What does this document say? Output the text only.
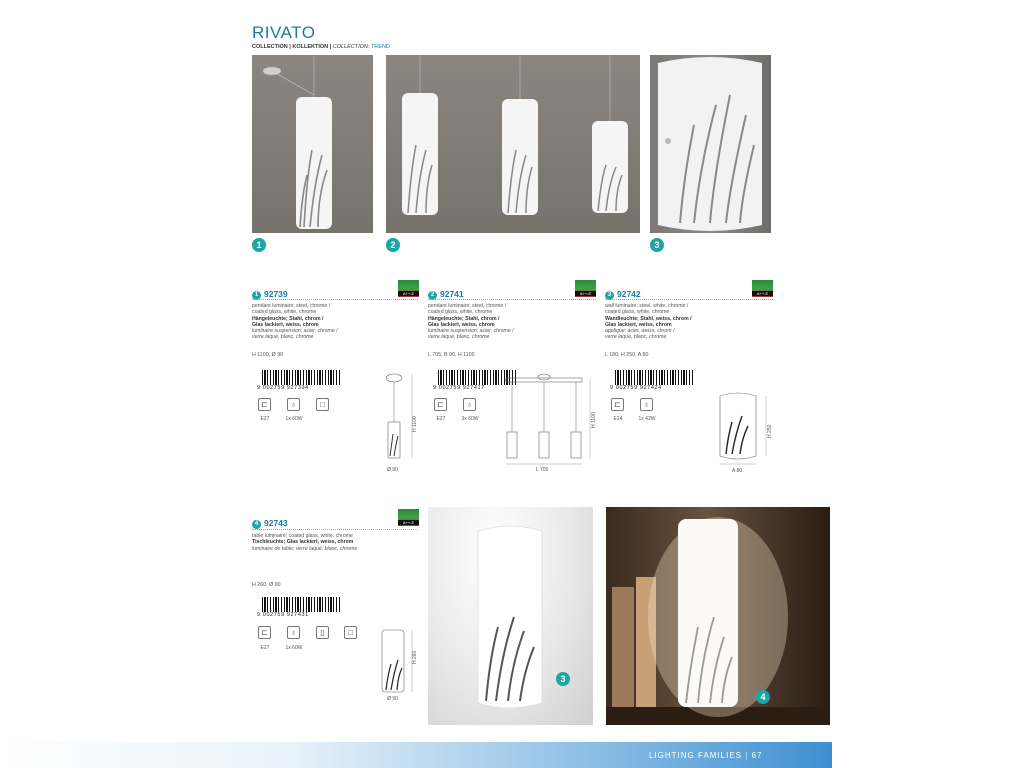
RIVATO
COLLECTION | KOLLEKTION | COLLECTION: TREND
1	2	3
1 92739	A++-E
pendant luminaire; steel, chrome /
coated glass, white, chrome
Hängeleuchte; Stahl, chrom /
Glas lackiert, weiss, chrom
luminaire suspension; acier, chrome /
verre laqué, blanc, chrome
H 1100, Ø 90
9 002759 927394
⊏	♁	□
E27	1x 60W	H 1100
Ø 90
2 92741	A++-E
pendant luminaire; steel, chrome /
coated glass, white, chrome
Hängeleuchte; Stahl, chrom /
Glas lackiert, weiss, chrom
luminaire suspension; acier, chrome /
verre laqué, blanc, chrome
L 705, B 90, H 1100
9 002759 927417
⊏	♁
E27	3x 60W	H 1100
L 705
3 92742	A++-E
wall luminaire; steel, white, chrome /
coated glass, white, chrome
Wandleuchte; Stahl, weiss, chrom /
Glas lackiert, weiss, chrom
applique; acier, weiss, chrom /
verre laqué, blanc, chrome
L 180, H 250, A 80
9 002759 927424
⊏	♁
E14	1x 42W
H 250
A 80
4 92743	A++-E
table luminaire; coated glass, white, chrome
Tischleuchte; Glas lackiert, weiss, chrom
luminaire de table; verre laqué, blanc, chrome
H 260, Ø 90
9 002759 927431
⊏	♁	▯	□
E27	1x 60W
H 260
Ø 90
3
4
LIGHTING FAMILIES | 67
